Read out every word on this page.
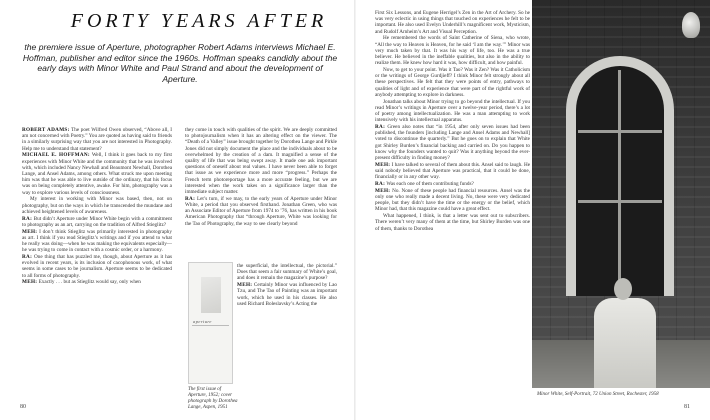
FORTY YEARS AFTER
the premiere issue of Aperture, photographer Robert Adams interviews Michael E. Hoffman, publisher and editor since the 1960s. Hoffman speaks candidly about the early days with Minor White and Paul Strand and about the development of Aperture.

ROBERT ADAMS: The poet Wilfred Owen observed, “Above all, I am not concerned with Poetry.” You are quoted as having said to friends in a similarly surprising way that you are not interested in Photography. Help me to understand that statement?

MICHAEL E. HOFFMAN: Well, I think it goes back to my first experiences with Minor White and the community that he was involved with, which included Nancy Newhall and Beaumont Newhall, Dorothea Lange, and Ansel Adams, among others. What struck me upon meeting him was that he was able to live outside of the ordinary, that his focus was on being completely attentive, awake. For him, photography was a way to explore various levels of consciousness.

My interest in working with Minor was based, then, not on photography, but on the ways in which he transcended the mundane and achieved heightened levels of awareness.

RA: But didn’t Aperture under Minor White begin with a commitment to photography as an art, carrying on the tradition of Alfred Stieglitz?

MEH: I don’t think Stieglitz was primarily interested in photography as art. I think if you read Stieglitz’s writings and if you attend to what he really was doing—when he was making the equivalents especially—he was trying to come in contact with a cosmic order, or a harmony.

RA: One thing that has puzzled me, though, about Aperture as it has evolved in recent years, is its inclusion of cacophonous work, of what seems in some cases to be journalism. Aperture seems to be dedicated to all forms of photography.

MEH: Exactly . . . but as Stieglitz would say, only when

they come in touch with qualities of the spirit. We are deeply committed to photojournalism when it has an altering effect on the viewer. The “Death of a Valley” issue brought together by Dorothea Lange and Pirkle Jones did not simply document the place and the individuals about to be overwhelmed by the creation of a dam. It magnified a sense of the quality of life that was being swept away. It made one ask important questions of oneself about real values. I have never been able to forget that issue as we experience more and more “progress.” Perhaps the French term photoreportage has a more accurate feeling, but we are interested when the work takes on a significance larger than the immediate subject matter.

RA: Let’s turn, if we may, to the early years of Aperture under Minor White, a period that you observed firsthand. Jonathan Green, who was an Associate Editor of Aperture from 1974 to ’76, has written in his book American Photography that “through Aperture, White was looking for the Tao of Photography, the way to see clearly beyond

the superficial, the intellectual, the pictorial.” Does that seem a fair summary of White’s goal, and does it remain the magazine’s purpose?

MEH: Certainly Minor was influenced by Lao Tzu, and The Tao of Painting was an important work, which he used in his classes. He also used Richard Boleslavsky’s Acting the

aperture
The first issue of Aperture, 1952; cover photograph by Dorothea Lange, Aspen, 1951
80

First Six Lessons, and Eugene Herrigel’s Zen in the Art of Archery. So he was very eclectic in using things that touched on experiences he felt to be important. He also used Evelyn Underhill’s magnificent work, Mysticism, and Rudolf Arnheim’s Art and Visual Perception.

He remembered the words of Saint Catherine of Siena, who wrote, “All the way to Heaven is Heaven, for he said ‘I am the way.’” Minor was very much taken by that. It was his way of life, too. He was a true believer. He believed in the ineffable qualities, but also in the ability to realize them. He knew how hard it was, how difficult, and how painful.

Now, to get to your point. Was it Tao? Was it Zen? Was it Catholicism or the writings of George Gurdjieff? I think Minor felt strongly about all these perspectives. He felt that they were points of entry, pathways to qualities of light and of experience that were part of the rightful work of anybody attempting to explore in darkness.

Jonathan talks about Minor trying to go beyond the intellectual. If you read Minor’s writings in Aperture over a twelve-year period, there’s a lot of poetry among intellectualization. He was a man attempting to work intensively with his intellectual apparatus.

RA: Green also notes that “in 1954, after only seven issues had been published, the founders [including Lange and Ansel Adams and Newhall] voted to discontinue the quarterly.” But he goes on to explain that White got Shirley Burden’s financial backing and carried on. Do you happen to know why the founders wanted to quit? Was it anything beyond the ever-present difficulty in finding money?

MEH: I have talked to several of them about this. Ansel said to laugh. He said nobody believed that Aperture was practical, that it could be done, financially or in any other way.

RA: Was each one of them contributing funds?

MEH: No. None of these people had financial resources. Ansel was the only one who really made a decent living. No, these were very dedicated people, but they didn’t have the time or the energy or the belief, which Minor had, that this magazine could have a great effect.

What happened, I think, is that a letter was sent out to subscribers. There weren’t very many of them at the time, but Shirley Burden was one of them, thanks to Dorothea

Minor White, Self-Portrait, 72 Union Street, Rochester, 1958
81
